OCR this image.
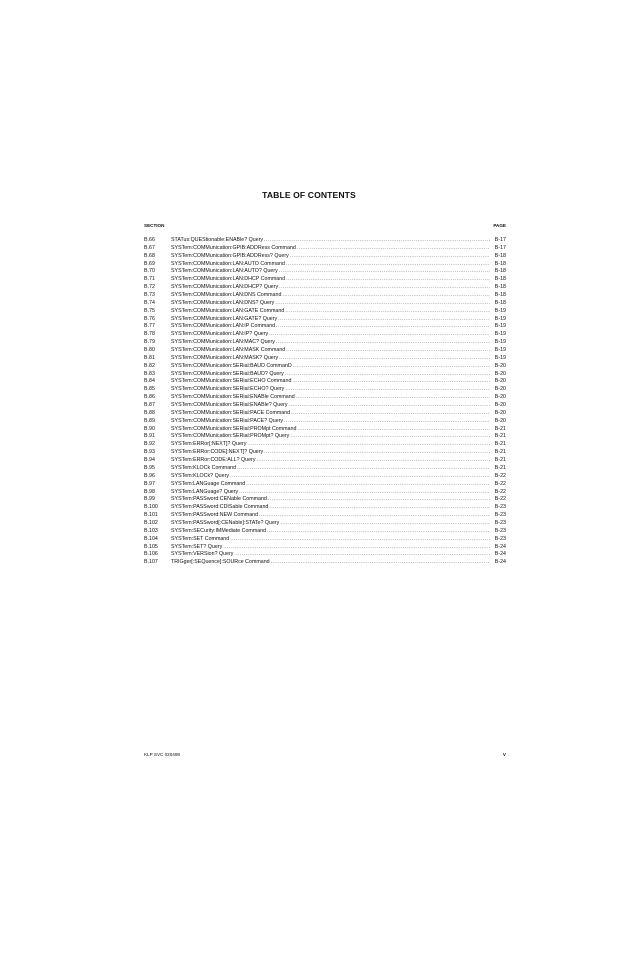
TABLE OF CONTENTS
SECTION	PAGE
B.66	STATus:QUEStionable:ENABle? Query .....	B-17
B.67	SYSTem:COMMunication:GPIB:ADDRess Command .....	B-17
B.68	SYSTem:COMMunication:GPIB:ADDRess? Query .....	B-18
B.69	SYSTem:COMMunication:LAN:AUTO Command .....	B-18
B.70	SYSTem:COMMunication:LAN:AUTO? Query .....	B-18
B.71	SYSTem:COMMunication:LAN:DHCP Command .....	B-18
B.72	SYSTem:COMMunication:LAN:DHCP? Query .....	B-18
B.73	SYSTem:COMMunication:LAN:DNS Command .....	B-18
B.74	SYSTem:COMMunication:LAN:DNS? Query .....	B-18
B.75	SYSTem:COMMunication:LAN:GATE Command .....	B-19
B.76	SYSTem:COMMunication:LAN:GATE? Query .....	B-19
B.77	SYSTem:COMMunication:LAN:IP Command .....	B-19
B.78	SYSTem:COMMunication:LAN:IP? Query .....	B-19
B.79	SYSTem:COMMunication:LAN:MAC? Query .....	B-19
B.80	SYSTem:COMMunication:LAN:MASK Command .....	B-19
B.81	SYSTem:COMMunication:LAN:MASK? Query .....	B-19
B.82	SYSTem:COMMunication:SERial:BAUD CommanD .....	B-20
B.83	SYSTem:COMMunication:SERial:BAUD? Query .....	B-20
B.84	SYSTem:COMMunication:SERial:ECHO Command .....	B-20
B.85	SYSTem:COMMunication:SERial:ECHO? Query .....	B-20
B.86	SYSTem:COMMunication:SERial:ENABle Command .....	B-20
B.87	SYSTem:COMMunication:SERial:ENABle? Query .....	B-20
B.88	SYSTem:COMMunication:SERial:PACE Command .....	B-20
B.89	SYSTem:COMMunication:SERial:PACE? Query .....	B-20
B.90	SYSTem:COMMunication:SERial:PROMpt Command .....	B-21
B.91	SYSTem:COMMunication:SERial:PROMpt? Query .....	B-21
B.92	SYSTem:ERRor[:NEXT]? Query .....	B-21
B.93	SYSTem:ERRor:CODE[:NEXT]? Query .....	B-21
B.94	SYSTem:ERRor:CODE:ALL? Query .....	B-21
B.95	SYSTem:KLOCk Command .....	B-21
B.96	SYSTem:KLOCk? Query .....	B-22
B.97	SYSTem:LANGuage Command .....	B-22
B.98	SYSTem:LANGuage? Query .....	B-22
B.99	SYSTem:PASSword:CENable Command .....	B-22
B.100	SYSTem:PASSword:CDISable Command .....	B-23
B.101	SYSTem:PASSword:NEW Command .....	B-23
B.102	SYSTem:PASSword[:CENable]:STATe? Query .....	B-23
B.103	SYSTem:SECurity:IMMediate Command .....	B-23
B.104	SYSTem:SET Command .....	B-23
B.105	SYSTem:SET? Query .....	B-24
B.106	SYSTem:VERSion? Query .....	B-24
B.107	TRIGger[:SEQuence]:SOURce Command .....	B-24
KLP SVC 020498	V
